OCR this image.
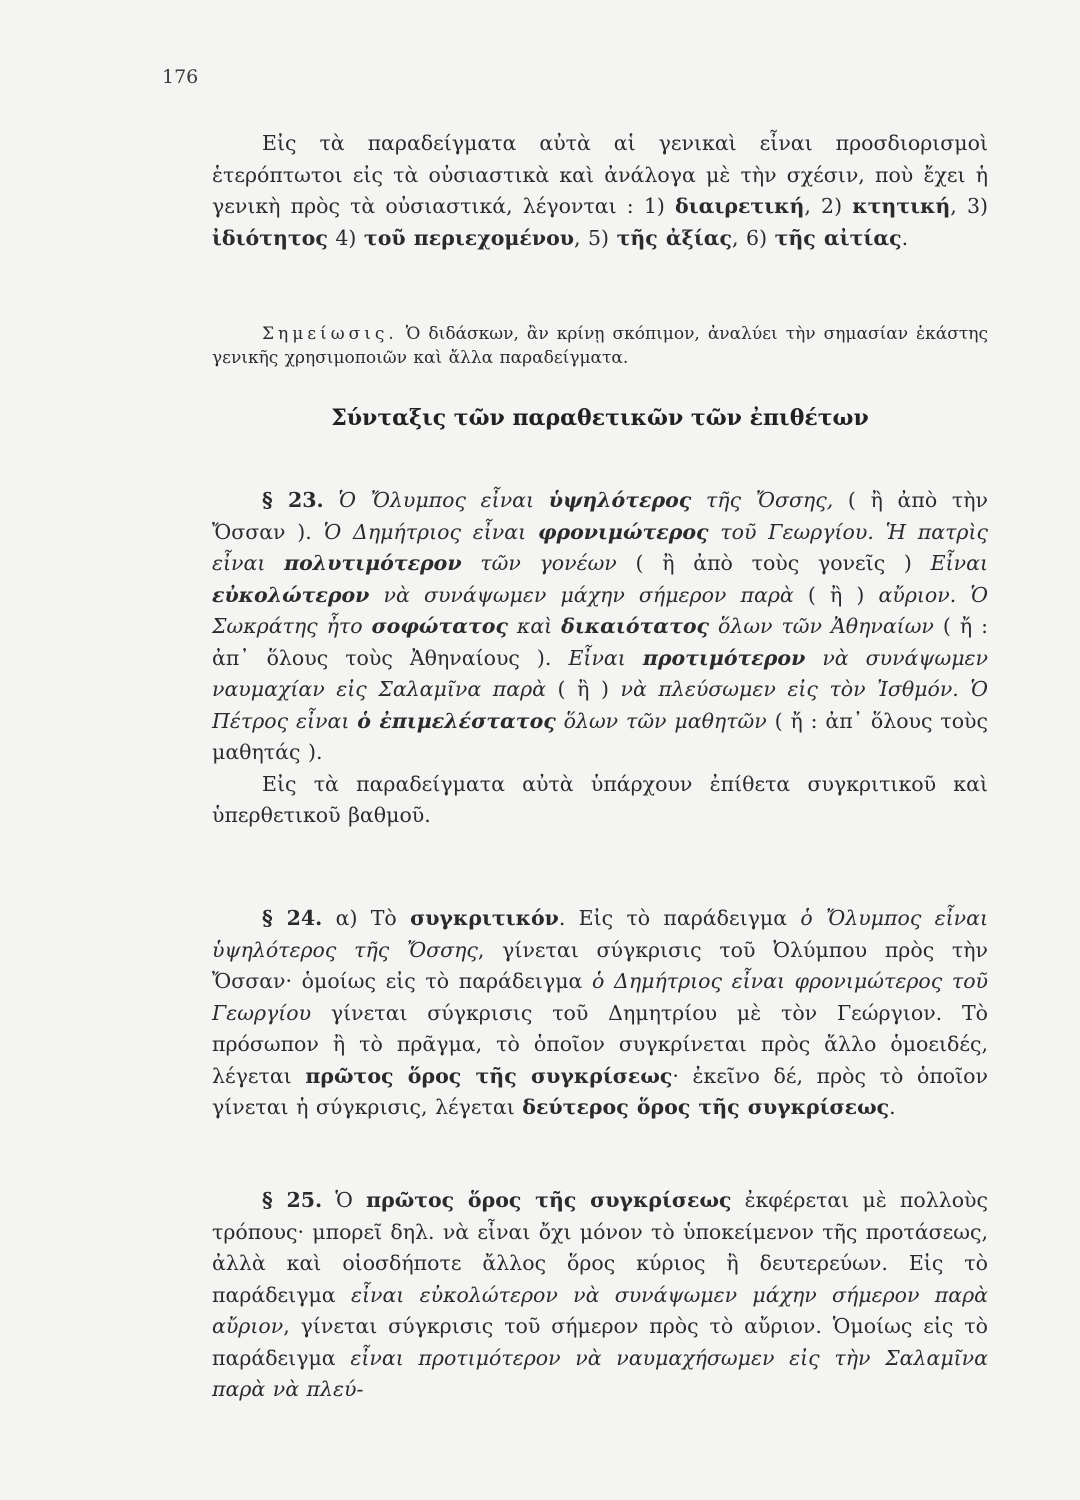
176

Εἰς τὰ παραδείγματα αὐτὰ αἱ γενικαὶ εἶναι προσδιορισμοὶ ἑτερόπτωτοι εἰς τὰ οὐσιαστικὰ καὶ ἀνάλογα μὲ τὴν σχέσιν, ποὺ ἔχει ἡ γενικὴ πρὸς τὰ οὐσιαστικά, λέγονται : 1) διαιρετική, 2) κτητική, 3) ἰδιότητος 4) τοῦ περιεχομένου, 5) τῆς ἀξίας, 6) τῆς αἰτίας.

Σημείωσις. Ὁ διδάσκων, ἂν κρίνῃ σκόπιμον, ἀναλύει τὴν σημασίαν ἑκάστης γενικῆς χρησιμοποιῶν καὶ ἄλλα παραδείγματα.

Σύνταξις τῶν παραθετικῶν τῶν ἐπιθέτων

§ 23. Ὁ Ὄλυμπος εἶναι ὑψηλότερος τῆς Ὄσσης, ( ἢ ἀπὸ τὴν Ὄσσαν ). Ὁ Δημήτριος εἶναι φρονιμώτερος τοῦ Γεωργίου. Ἡ πατρὶς εἶναι πολυτιμότερον τῶν γονέων ( ἢ ἀπὸ τοὺς γονεῖς ) Εἶναι εὐκολώτερον νὰ συνάψωμεν μάχην σήμερον παρὰ ( ἢ ) αὔριον. Ὁ Σωκράτης ἦτο σοφώτατος καὶ δικαιότατος ὅλων τῶν Ἀθηναίων ( ἤ : ἀπ᾽ ὅλους τοὺς Ἀθηναίους ). Εἶναι προτιμότερον νὰ συνάψωμεν ναυμαχίαν εἰς Σαλαμῖνα παρὰ ( ἢ ) νὰ πλεύσωμεν εἰς τὸν Ἰσθμόν. Ὁ Πέτρος εἶναι ὁ ἐπιμελέστατος ὅλων τῶν μαθητῶν ( ἤ : ἀπ᾽ ὅλους τοὺς μαθητάς ).

Εἰς τὰ παραδείγματα αὐτὰ ὑπάρχουν ἐπίθετα συγκριτικοῦ καὶ ὑπερθετικοῦ βαθμοῦ.

§ 24. α) Τὸ συγκριτικόν. Εἰς τὸ παράδειγμα ὁ Ὄλυμπος εἶναι ὑψηλότερος τῆς Ὄσσης, γίνεται σύγκρισις τοῦ Ὀλύμπου πρὸς τὴν Ὄσσαν· ὁμοίως εἰς τὸ παράδειγμα ὁ Δημήτριος εἶναι φρονιμώτερος τοῦ Γεωργίου γίνεται σύγκρισις τοῦ Δημητρίου μὲ τὸν Γεώργιον. Τὸ πρόσωπον ἢ τὸ πρᾶγμα, τὸ ὁποῖον συγκρίνεται πρὸς ἄλλο ὁμοειδές, λέγεται πρῶτος ὅρος τῆς συγκρίσεως· ἐκεῖνο δέ, πρὸς τὸ ὁποῖον γίνεται ἡ σύγκρισις, λέγεται δεύτερος ὅρος τῆς συγκρίσεως.

§ 25. Ὁ πρῶτος ὅρος τῆς συγκρίσεως ἐκφέρεται μὲ πολλοὺς τρόπους· μπορεῖ δηλ. νὰ εἶναι ὄχι μόνον τὸ ὑποκείμενον τῆς προτάσεως, ἀλλὰ καὶ οἱοσδήποτε ἄλλος ὅρος κύριος ἢ δευτερεύων. Εἰς τὸ παράδειγμα εἶναι εὐκολώτερον νὰ συνάψωμεν μάχην σήμερον παρὰ αὔριον, γίνεται σύγκρισις τοῦ σήμερον πρὸς τὸ αὔριον. Ὁμοίως εἰς τὸ παράδειγμα εἶναι προτιμότερον νὰ ναυμαχήσωμεν εἰς τὴν Σαλαμῖνα παρὰ νὰ πλεύ-
